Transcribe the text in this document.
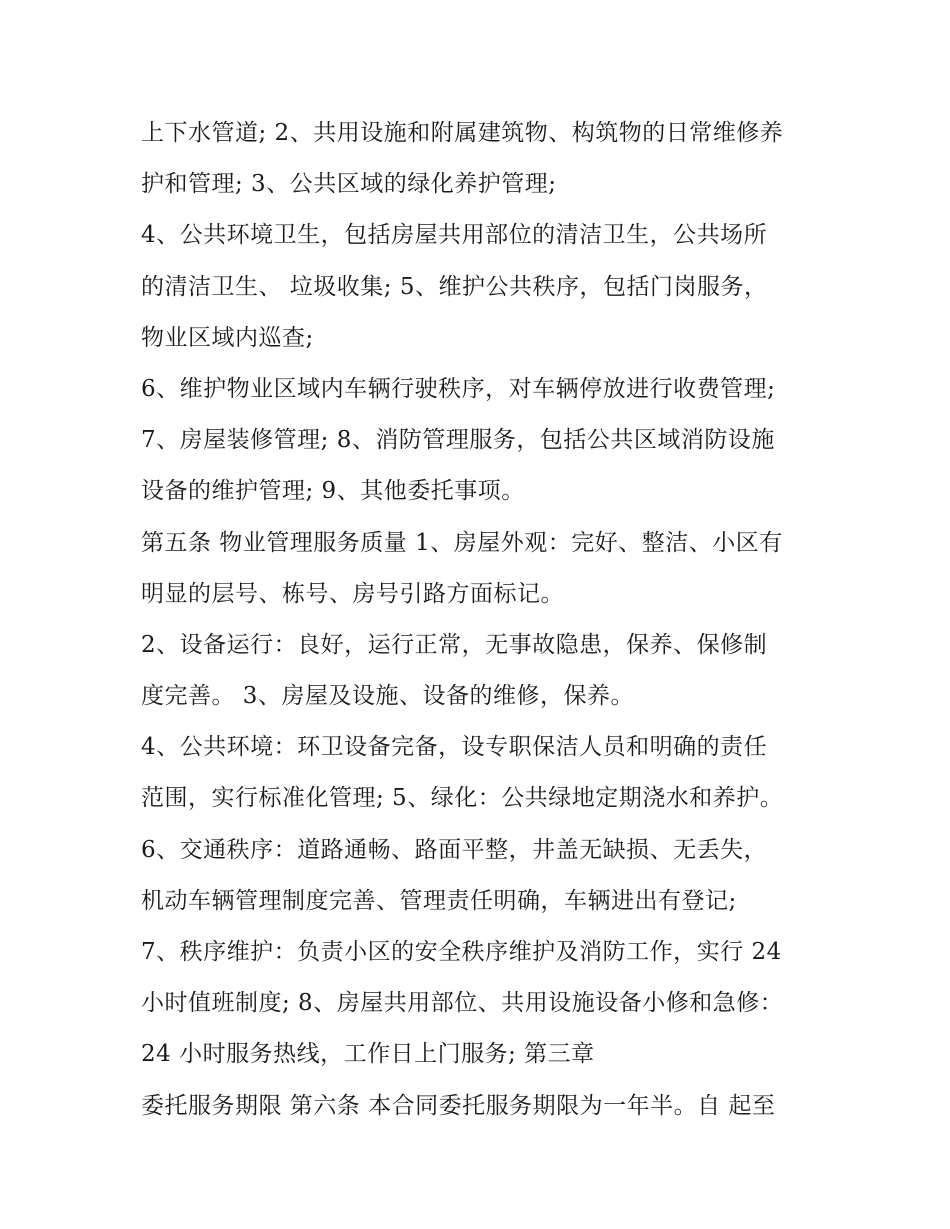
上下水管道; 2、共用设施和附属建筑物、构筑物的日常维修养
护和管理; 3、公共区域的绿化养护管理;
4、公共环境卫生，包括房屋共用部位的清洁卫生，公共场所
的清洁卫生、 垃圾收集; 5、维护公共秩序，包括门岗服务，
物业区域内巡查;
6、维护物业区域内车辆行驶秩序，对车辆停放进行收费管理;
7、房屋装修管理; 8、消防管理服务，包括公共区域消防设施
设备的维护管理; 9、其他委托事项。
第五条 物业管理服务质量 1、房屋外观：完好、整洁、小区有
明显的层号、栋号、房号引路方面标记。
2、设备运行：良好，运行正常，无事故隐患，保养、保修制
度完善。 3、房屋及设施、设备的维修，保养。
4、公共环境：环卫设备完备，设专职保洁人员和明确的责任
范围，实行标准化管理; 5、绿化：公共绿地定期浇水和养护。
6、交通秩序：道路通畅、路面平整，井盖无缺损、无丢失，
机动车辆管理制度完善、管理责任明确，车辆进出有登记;
7、秩序维护：负责小区的安全秩序维护及消防工作，实行 24
小时值班制度; 8、房屋共用部位、共用设施设备小修和急修：
24 小时服务热线，工作日上门服务; 第三章
委托服务期限 第六条 本合同委托服务期限为一年半。自 起至
